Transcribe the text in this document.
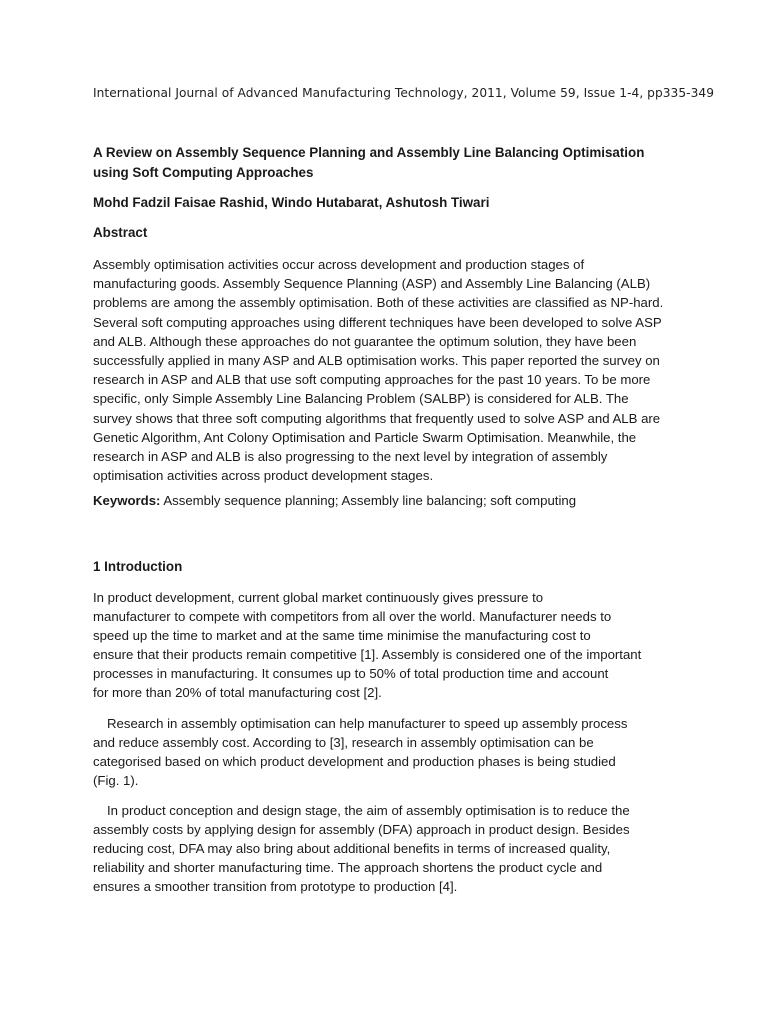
International Journal of Advanced Manufacturing Technology, 2011, Volume 59, Issue 1-4, pp335-349
A Review on Assembly Sequence Planning and Assembly Line Balancing Optimisation using Soft Computing Approaches
Mohd Fadzil Faisae Rashid, Windo Hutabarat, Ashutosh Tiwari
Abstract
Assembly optimisation activities occur across development and production stages of manufacturing goods. Assembly Sequence Planning (ASP) and Assembly Line Balancing (ALB) problems are among the assembly optimisation. Both of these activities are classified as NP-hard. Several soft computing approaches using different techniques have been developed to solve ASP and ALB. Although these approaches do not guarantee the optimum solution, they have been successfully applied in many ASP and ALB optimisation works. This paper reported the survey on research in ASP and ALB that use soft computing approaches for the past 10 years. To be more specific, only Simple Assembly Line Balancing Problem (SALBP) is considered for ALB. The survey shows that three soft computing algorithms that frequently used to solve ASP and ALB are Genetic Algorithm, Ant Colony Optimisation and Particle Swarm Optimisation. Meanwhile, the research in ASP and ALB is also progressing to the next level by integration of assembly optimisation activities across product development stages.
Keywords: Assembly sequence planning; Assembly line balancing; soft computing
1 Introduction
In product development, current global market continuously gives pressure to
manufacturer to compete with competitors from all over the world. Manufacturer needs to
speed up the time to market and at the same time minimise the manufacturing cost to
ensure that their products remain competitive [1]. Assembly is considered one of the important
processes in manufacturing. It consumes up to 50% of total production time and account
for more than 20% of total manufacturing cost [2].
Research in assembly optimisation can help manufacturer to speed up assembly process
and reduce assembly cost. According to [3], research in assembly optimisation can be
categorised based on which product development and production phases is being studied
(Fig. 1).
In product conception and design stage, the aim of assembly optimisation is to reduce the
assembly costs by applying design for assembly (DFA) approach in product design. Besides
reducing cost, DFA may also bring about additional benefits in terms of increased quality,
reliability and shorter manufacturing time. The approach shortens the product cycle and
ensures a smoother transition from prototype to production [4].
